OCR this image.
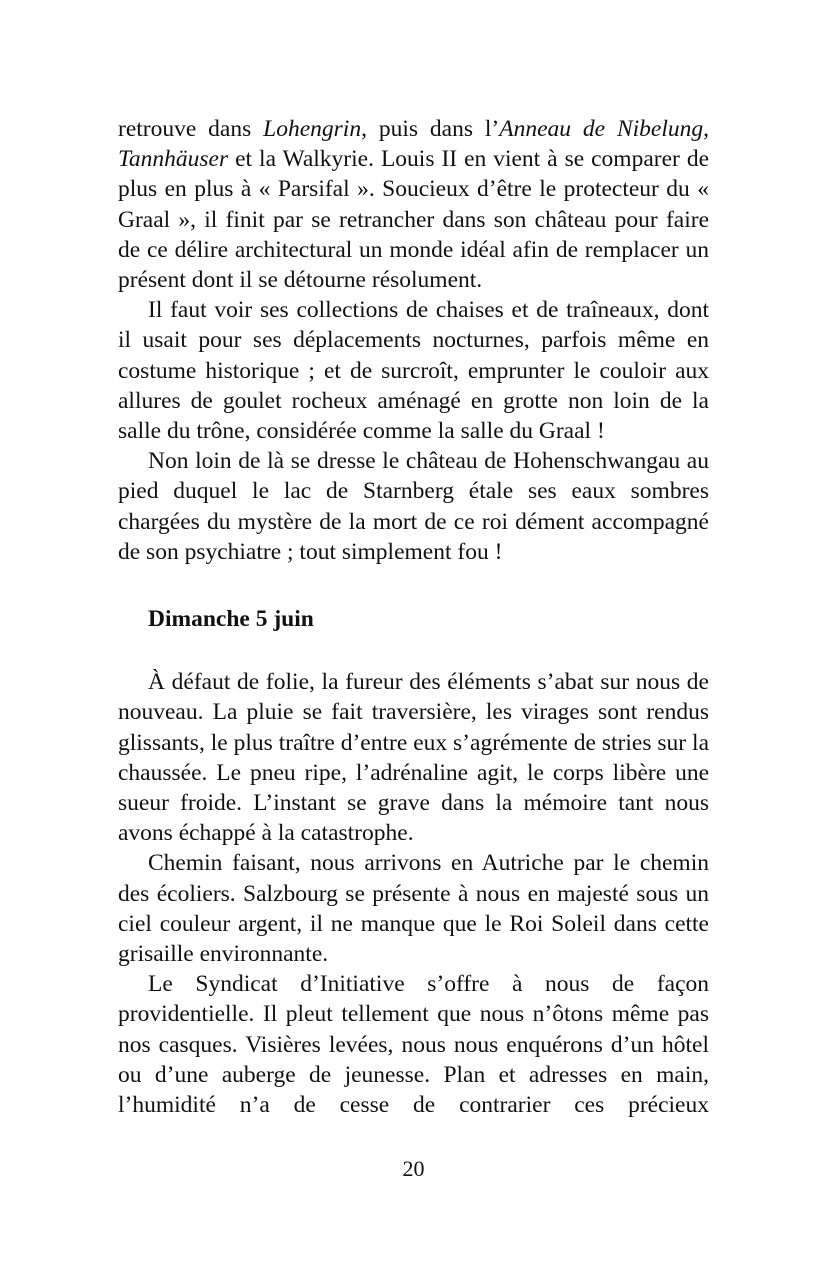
retrouve dans Lohengrin, puis dans l’Anneau de Nibelung, Tannhäuser et la Walkyrie. Louis II en vient à se comparer de plus en plus à « Parsifal ». Soucieux d’être le protecteur du « Graal », il finit par se retrancher dans son château pour faire de ce délire architectural un monde idéal afin de remplacer un présent dont il se détourne résolument.

Il faut voir ses collections de chaises et de traîneaux, dont il usait pour ses déplacements nocturnes, parfois même en costume historique ; et de surcroît, emprunter le couloir aux allures de goulet rocheux aménagé en grotte non loin de la salle du trône, considérée comme la salle du Graal !

Non loin de là se dresse le château de Hohenschwangau au pied duquel le lac de Starnberg étale ses eaux sombres chargées du mystère de la mort de ce roi dément accompagné de son psychiatre ; tout simplement fou !

Dimanche 5 juin

À défaut de folie, la fureur des éléments s’abat sur nous de nouveau. La pluie se fait traversière, les virages sont rendus glissants, le plus traître d’entre eux s’agrémente de stries sur la chaussée. Le pneu ripe, l’adrénaline agit, le corps libère une sueur froide. L’instant se grave dans la mémoire tant nous avons échappé à la catastrophe.

Chemin faisant, nous arrivons en Autriche par le chemin des écoliers. Salzbourg se présente à nous en majesté sous un ciel couleur argent, il ne manque que le Roi Soleil dans cette grisaille environnante.

Le Syndicat d’Initiative s’offre à nous de façon providentielle. Il pleut tellement que nous n’ôtons même pas nos casques. Visières levées, nous nous enquérons d’un hôtel ou d’une auberge de jeunesse. Plan et adresses en main, l’humidité n’a de cesse de contrarier ces précieux

20
